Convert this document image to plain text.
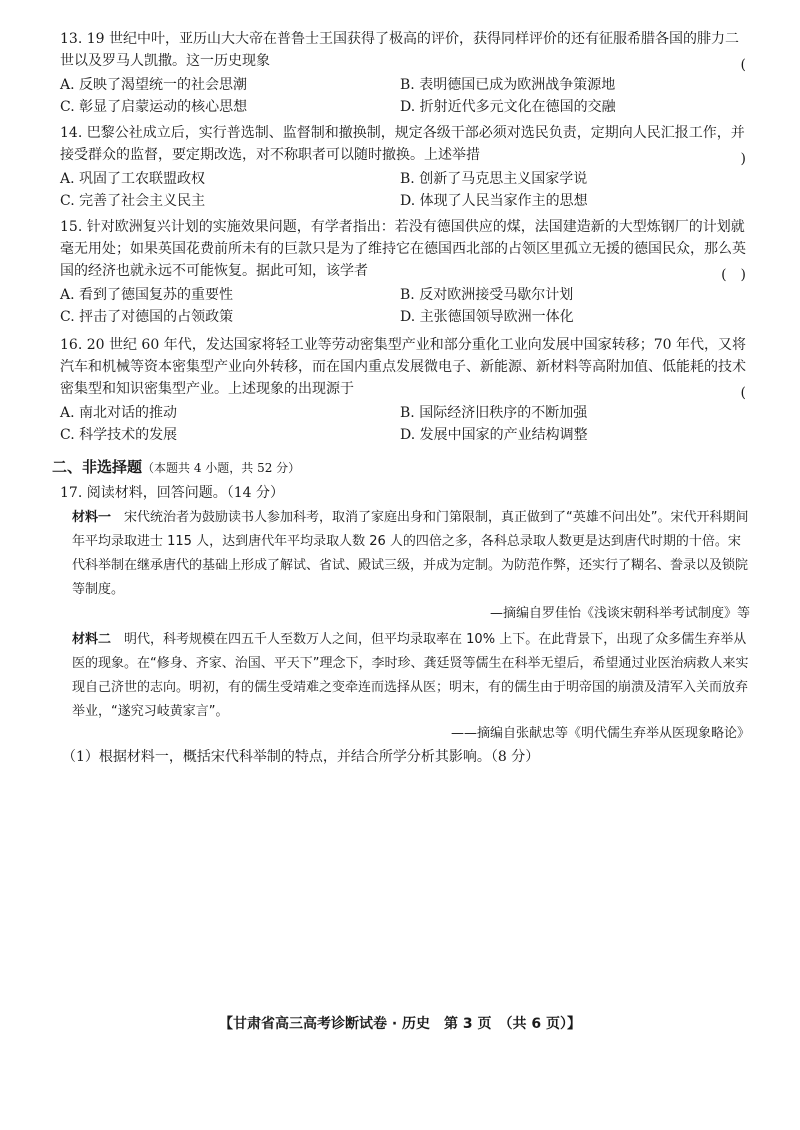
13. 19 世纪中叶，亚历山大大帝在普鲁士王国获得了极高的评价，获得同样评价的还有征服希腊各国的腓力二世以及罗马人凯撒。这一历史现象	(
A. 反映了渴望统一的社会思潮	B. 表明德国已成为欧洲战争策源地
C. 彰显了启蒙运动的核心思想	D. 折射近代多元文化在德国的交融
14. 巴黎公社成立后，实行普选制、监督制和撤换制，规定各级干部必须对选民负责，定期向人民汇报工作，并接受群众的监督，要定期改选，对不称职者可以随时撤换。上述举措	)
A. 巩固了工农联盟政权	B. 创新了马克思主义国家学说
C. 完善了社会主义民主	D. 体现了人民当家作主的思想
15. 针对欧洲复兴计划的实施效果问题，有学者指出：若没有德国供应的煤，法国建造新的大型炼钢厂的计划就毫无用处；如果英国花费前所未有的巨款只是为了维持它在德国西北部的占领区里孤立无援的德国民众，那么英国的经济也就永远不可能恢复。据此可知，该学者	(　)
A. 看到了德国复苏的重要性	B. 反对欧洲接受马歇尔计划
C. 抨击了对德国的占领政策	D. 主张德国领导欧洲一体化
16. 20 世纪 60 年代，发达国家将轻工业等劳动密集型产业和部分重化工业向发展中国家转移；70 年代，又将汽车和机械等资本密集型产业向外转移，而在国内重点发展微电子、新能源、新材料等高附加值、低能耗的技术密集型和知识密集型产业。上述现象的出现源于	(
A. 南北对话的推动	B. 国际经济旧秩序的不断加强
C. 科学技术的发展	D. 发展中国家的产业结构调整
二、非选择题（本题共 4 小题，共 52 分）
17. 阅读材料，回答问题。（14 分）
材料一　 宋代统治者为鼓励读书人参加科考，取消了家庭出身和门第限制，真正做到了“英雄不问出处”。宋代开科期间年平均录取进士 115 人，达到唐代年平均录取人数 26 人的四倍之多，各科总录取人数更是达到唐代时期的十倍。宋代科举制在继承唐代的基础上形成了解试、省试、殿试三级，并成为定制。为防范作弊，还实行了糊名、誊录以及锁院等制度。
—摘编自罗佳怡《浅谈宋朝科举考试制度》等
材料二　 明代，科考规模在四五千人至数万人之间，但平均录取率在 10% 上下。在此背景下，出现了众多儒生弃举从医的现象。在“修身、齐家、治国、平天下”理念下，李时珍、龚廷贤等儒生在科举无望后，希望通过业医治病救人来实现自己济世的志向。明初，有的儒生受靖难之变牵连而选择从医；明末，有的儒生由于明帝国的崩溃及清军入关而放弃举业，“遂究习岐黄家言”。
——摘编自张献忠等《明代儒生弃举从医现象略论》
（1）根据材料一，概括宋代科举制的特点，并结合所学分析其影响。（8 分）
【甘肃省高三高考诊断试卷 · 历史　第 3 页　（共 6 页）】
